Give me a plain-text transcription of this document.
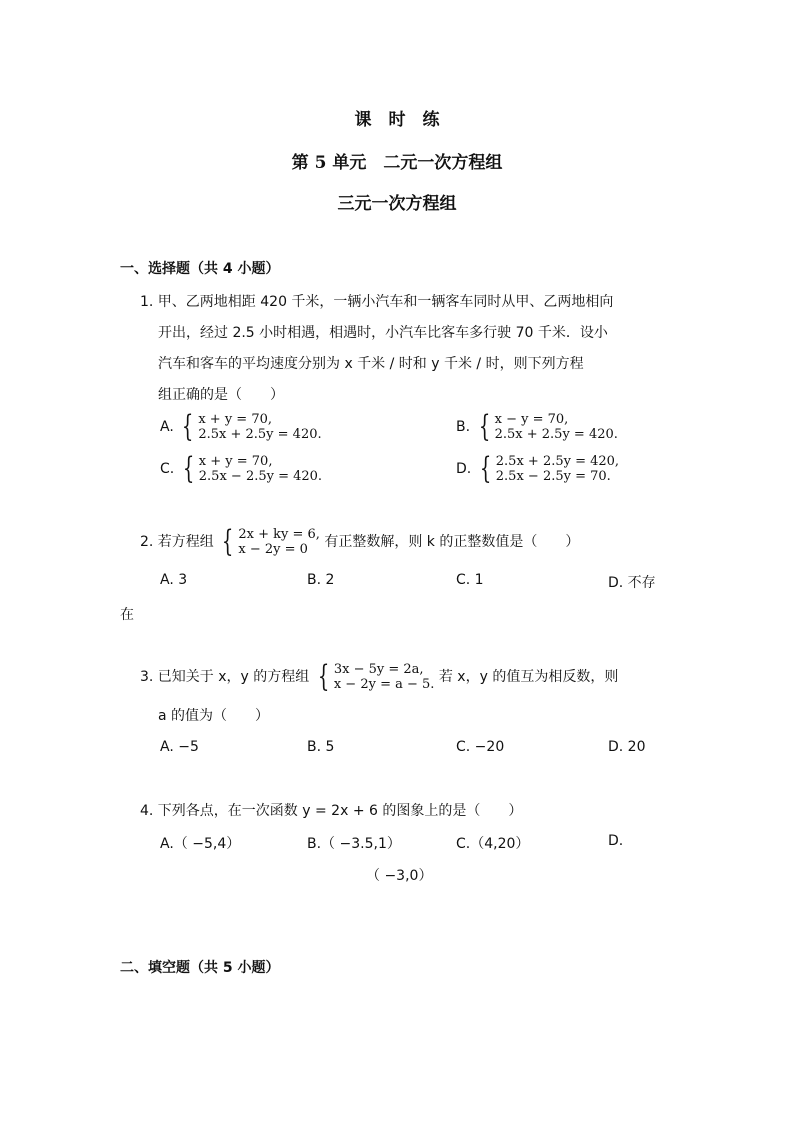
课　时　练
第 5 单元　二元一次方程组
三元一次方程组
一、选择题（共 4 小题）
1. 甲、乙两地相距 420 千米，一辆小汽车和一辆客车同时从甲、乙两地相向
开出，经过 2.5 小时相遇，相遇时，小汽车比客车多行驶 70 千米．设小
汽车和客车的平均速度分别为 x 千米 / 时和 y 千米 / 时，则下列方程
组正确的是（　　）
A. { x + y = 70,
2.5x + 2.5y = 420.	B. { x − y = 70,
2.5x + 2.5y = 420.
C. { x + y = 70,
2.5x − 2.5y = 420.	D. { 2.5x + 2.5y = 420,
2.5x − 2.5y = 70.
2. 若方程组 { 2x + ky = 6,
x − 2y = 0	有正整数解，则 k 的正整数值是（　　）
A. 3	B. 2	C. 1	D. 不存
在
3. 已知关于 x，y 的方程组 { 3x − 5y = 2a,
x − 2y = a − 5. 若 x，y 的值互为相反数，则
a 的值为（　　）
A. −5	B. 5	C. −20	D. 20
4. 下列各点，在一次函数 y = 2x + 6 的图象上的是（　　）
A.（ −5,4）	B.（ −3.5,1）	C.（4,20）	D.
（ −3,0）
二、填空题（共 5 小题）
